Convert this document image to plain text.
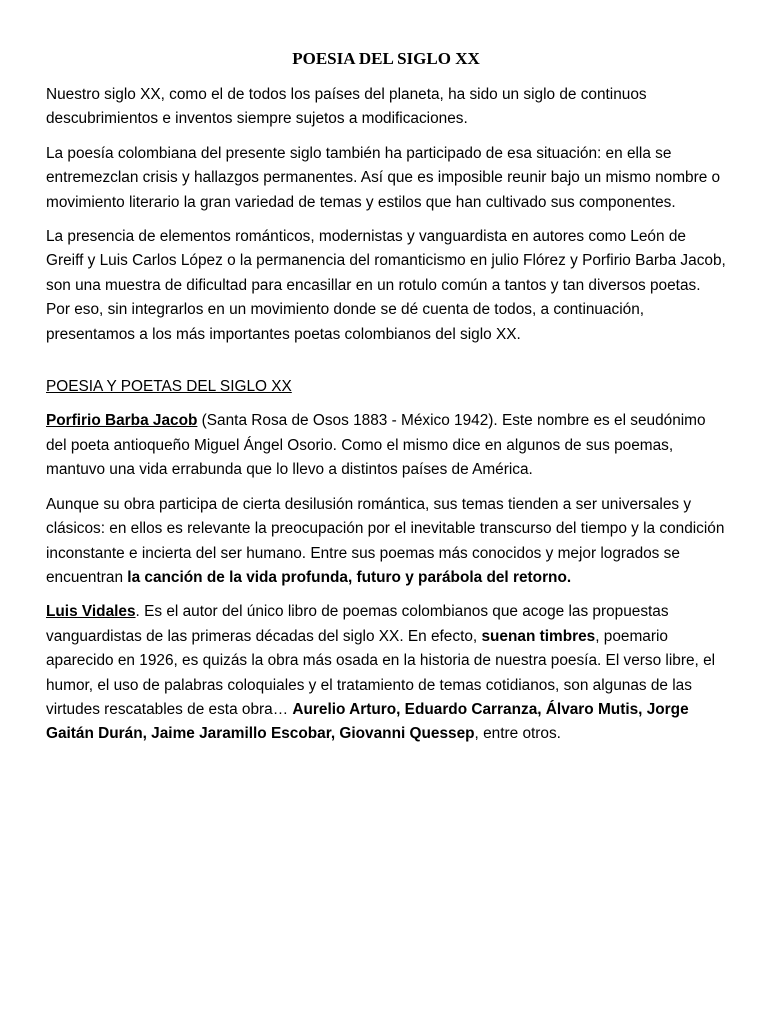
POESIA DEL SIGLO XX

Nuestro siglo XX, como el de todos los países del planeta, ha sido un siglo de continuos descubrimientos e inventos siempre sujetos a modificaciones.

La poesía colombiana del presente siglo también ha participado de esa situación: en ella se entremezclan crisis y hallazgos permanentes. Así que es imposible reunir bajo un mismo nombre o movimiento literario la gran variedad de temas y estilos que han cultivado sus componentes.

La presencia de elementos románticos, modernistas y vanguardista en autores como León de Greiff y Luis Carlos López o la permanencia del romanticismo en julio Flórez y Porfirio Barba Jacob, son una muestra de dificultad para encasillar en un rotulo común a tantos y tan diversos poetas. Por eso, sin integrarlos en un movimiento donde se dé cuenta de todos, a continuación, presentamos a los más importantes poetas colombianos del siglo XX.

POESIA Y POETAS DEL SIGLO XX

Porfirio Barba Jacob (Santa Rosa de Osos 1883 - México 1942). Este nombre es el seudónimo del poeta antioqueño Miguel Ángel Osorio. Como el mismo dice en algunos de sus poemas, mantuvo una vida errabunda que lo llevo a distintos países de América.

Aunque su obra participa de cierta desilusión romántica, sus temas tienden a ser universales y clásicos: en ellos es relevante la preocupación por el inevitable transcurso del tiempo y la condición inconstante e incierta del ser humano. Entre sus poemas más conocidos y mejor logrados se encuentran la canción de la vida profunda, futuro y parábola del retorno.

Luis Vidales. Es el autor del único libro de poemas colombianos que acoge las propuestas vanguardistas de las primeras décadas del siglo XX. En efecto, suenan timbres, poemario aparecido en 1926, es quizás la obra más osada en la historia de nuestra poesía. El verso libre, el humor, el uso de palabras coloquiales y el tratamiento de temas cotidianos, son algunas de las virtudes rescatables de esta obra… Aurelio Arturo, Eduardo Carranza, Álvaro Mutis, Jorge Gaitán Durán, Jaime Jaramillo Escobar, Giovanni Quessep, entre otros.
